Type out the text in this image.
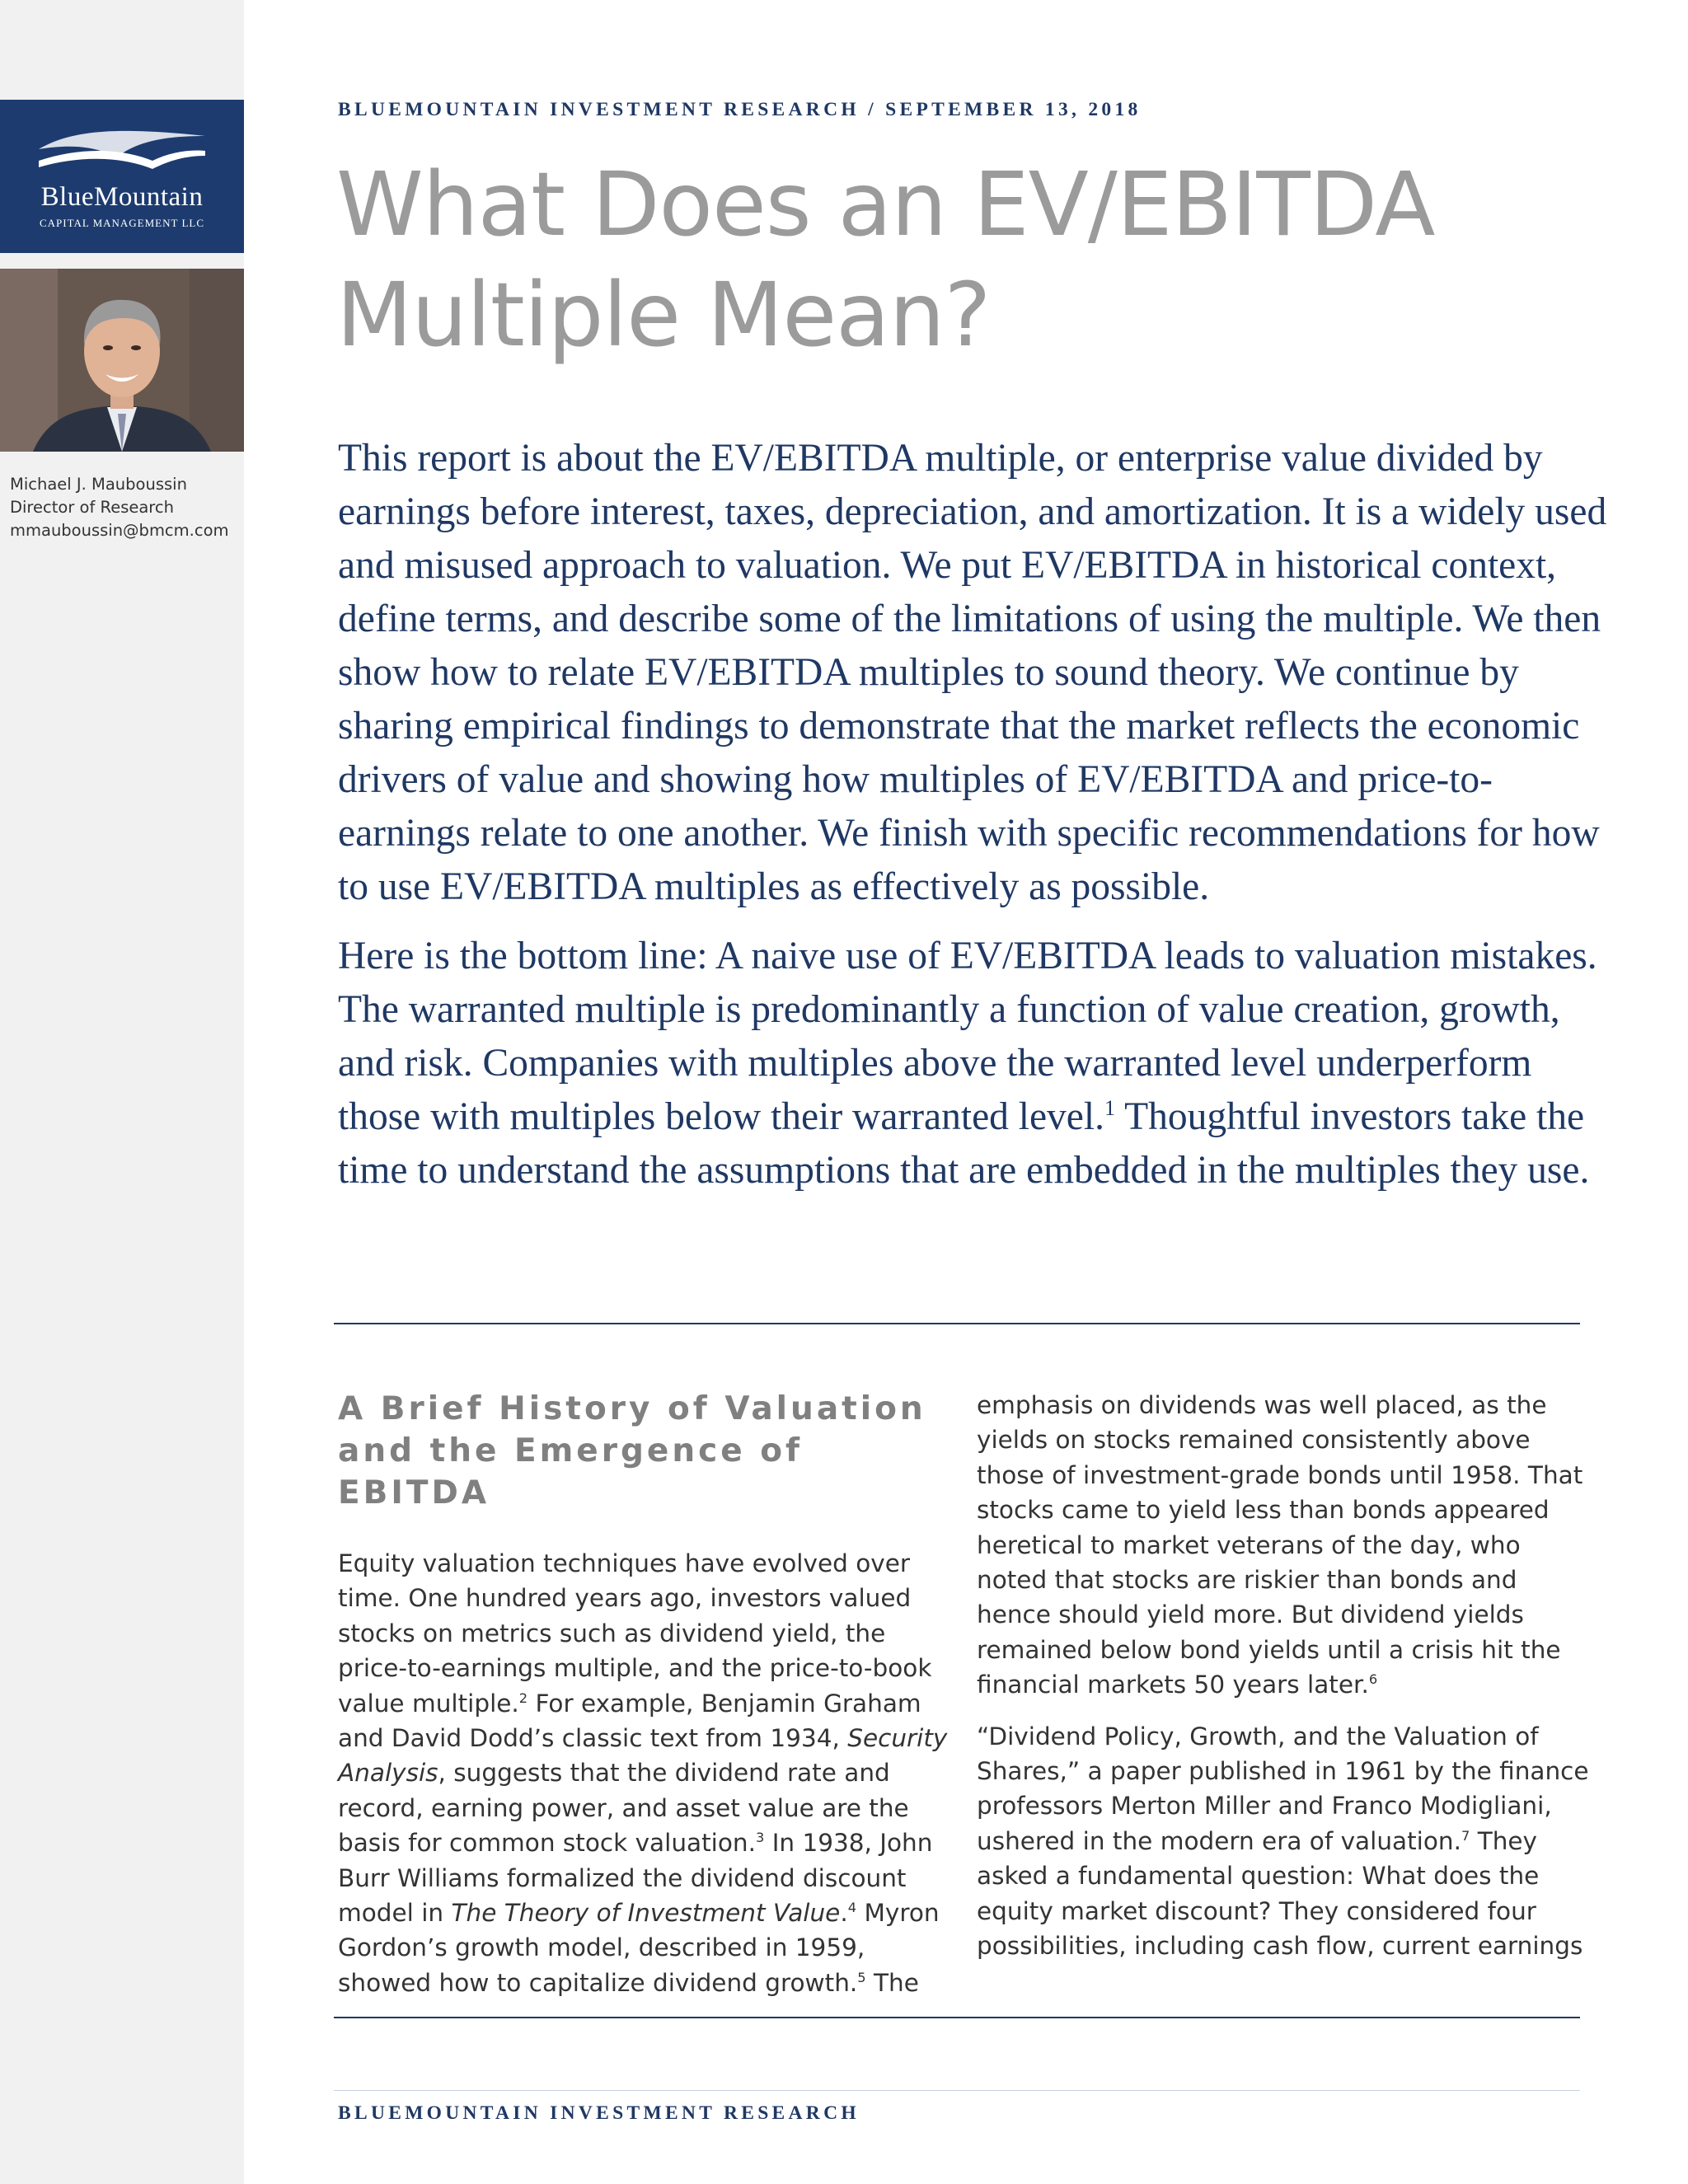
BlueMountain
CAPITAL MANAGEMENT LLC
Michael J. Mauboussin
Director of Research
mmauboussin@bmcm.com
BLUEMOUNTAIN INVESTMENT RESEARCH / SEPTEMBER 13, 2018
What Does an EV/EBITDA
Multiple Mean?

This report is about the EV/EBITDA multiple, or enterprise value divided by earnings before interest, taxes, depreciation, and amortization. It is a widely used and misused approach to valuation. We put EV/EBITDA in historical context, define terms, and describe some of the limitations of using the multiple. We then show how to relate EV/EBITDA multiples to sound theory. We continue by sharing empirical findings to demonstrate that the market reflects the economic drivers of value and showing how multiples of EV/EBITDA and price-to-earnings relate to one another. We finish with specific recommendations for how to use EV/EBITDA multiples as effectively as possible.

Here is the bottom line: A naive use of EV/EBITDA leads to valuation mistakes. The warranted multiple is predominantly a function of value creation, growth, and risk. Companies with multiples above the warranted level underperform those with multiples below their warranted level.$^1$ Thoughtful investors take the time to understand the assumptions that are embedded in the multiples they use.

A Brief History of Valuation and the Emergence of EBITDA

Equity valuation techniques have evolved over time. One hundred years ago, investors valued stocks on metrics such as dividend yield, the price-to-earnings multiple, and the price-to-book value multiple.$^2$ For example, Benjamin Graham and David Dodd’s classic text from 1934, Security Analysis, suggests that the dividend rate and record, earning power, and asset value are the basis for common stock valuation.$^3$ In 1938, John Burr Williams formalized the dividend discount model in The Theory of Investment Value.$^4$ Myron Gordon’s growth model, described in 1959, showed how to capitalize dividend growth.$^5$ The

emphasis on dividends was well placed, as the yields on stocks remained consistently above those of investment-grade bonds until 1958. That stocks came to yield less than bonds appeared heretical to market veterans of the day, who noted that stocks are riskier than bonds and hence should yield more. But dividend yields remained below bond yields until a crisis hit the financial markets 50 years later.$^6$

“Dividend Policy, Growth, and the Valuation of Shares,” a paper published in 1961 by the finance professors Merton Miller and Franco Modigliani, ushered in the modern era of valuation.$^7$ They asked a fundamental question: What does the equity market discount? They considered four possibilities, including cash flow, current earnings

BLUEMOUNTAIN INVESTMENT RESEARCH
